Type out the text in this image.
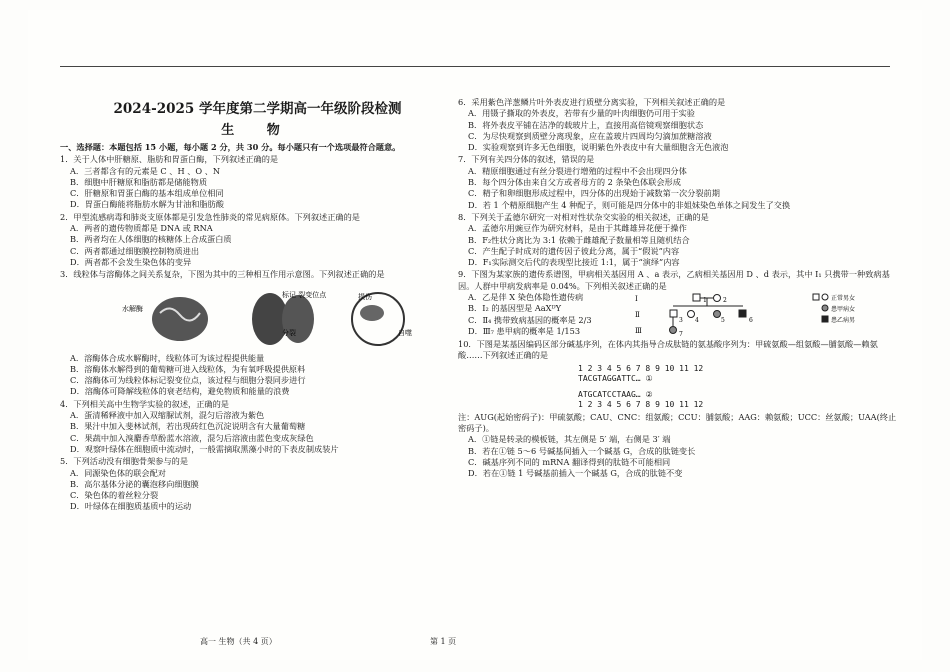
2024-2025 学年度第二学期高一年级阶段检测
生 物
一、选择题：本题包括 15 小题，每小题 2 分，共 30 分。每小题只有一个选项最符合题意。
1．关于人体中肝糖原、脂肪和胃蛋白酶，下列叙述正确的是
A．三者都含有的元素是 C 、H 、O 、N
B．细胞中肝糖原和脂肪都是储能物质
C．肝糖原和胃蛋白酶的基本组成单位相同
D．胃蛋白酶能将脂肪水解为甘油和脂肪酸
2．甲型流感病毒和肺炎支原体都是引发急性肺炎的常见病原体。下列叙述正确的是
A．两者的遗传物质都是 DNA 或 RNA
B．两者均在人体细胞的核糖体上合成蛋白质
C．两者都通过细胞膜控制物质进出
D．两者都不会发生染色体的变异
3．线粒体与溶酶体之间关系复杂，下图为其中的三种相互作用示意图。下列叙述正确的是
水解酶
标记 裂变位点
分裂
损伤
自噬
A．溶酶体合成水解酶时，线粒体可为该过程提供能量
B．溶酶体水解得到的葡萄糖可进入线粒体，为有氧呼吸提供原料
C．溶酶体可为线粒体标记裂变位点，该过程与细胞分裂同步进行
D．溶酶体可降解线粒体的衰老结构，避免物质和能量的浪费
4．下列相关高中生物学实验的叙述，正确的是
A．蛋清稀释液中加入双缩脲试剂，混匀后溶液为紫色
B．果汁中加入斐林试剂，若出现砖红色沉淀说明含有大量葡萄糖
C．果蔬中加入溴麝香草酚蓝水溶液，混匀后溶液由蓝色变成灰绿色
D．观察叶绿体在细胞质中流动时，一般需摘取黑藻小时的下表皮制成装片
5．下列活动没有细胞骨架参与的是
A．同源染色体的联会配对
B．高尔基体分泌的囊泡移向细胞膜
C．染色体的着丝粒分裂
D．叶绿体在细胞质基质中的运动
6．采用紫色洋葱鳞片叶外表皮进行质壁分离实验，下列相关叙述正确的是
A．用镊子撕取的外表皮，若带有少量的叶肉细胞仍可用于实验
B．将外表皮平铺在洁净的载玻片上，直接用高倍镜观察细胞状态
C．为尽快观察到质壁分离现象，应在盖玻片四周均匀滴加蔗糖溶液
D．实验观察到许多无色细胞，说明紫色外表皮中有大量细胞含无色液泡
7．下列有关四分体的叙述，错误的是
A．精原细胞通过有丝分裂进行增殖的过程中不会出现四分体
B．每个四分体由来自父方或者母方的 2 条染色体联会形成
C．精子和卵细胞形成过程中，四分体的出现始于减数第一次分裂前期
D．若 1 个精原细胞产生 4 种配子，则可能是四分体中的非姐妹染色单体之间发生了交换
8．下列关于孟德尔研究一对相对性状杂交实验的相关叙述，正确的是
A．孟德尔用豌豆作为研究材料，是由于其雌雄异花便于操作
B．F₂性状分离比为 3:1 依赖于雌雄配子数量相等且随机结合
C．产生配子时成对的遗传因子彼此分离，属于“假说”内容
D．F₁实际测交后代的表现型比接近 1:1，属于“演绎”内容
9．下图为某家族的遗传系谱图，甲病相关基因用 A 、a 表示，乙病相关基因用 D 、d 表示，其中 Ⅰ₁ 只携带一种致病基因。人群中甲病发病率是 0.04%。下列相关叙述正确的是
A．乙是伴 X 染色体隐性遗传病
B．Ⅰ₂ 的基因型是 AaXᴰY
C．Ⅱ₄ 携带致病基因的概率是 2/3
D．Ⅲ₇ 患甲病的概率是 1/153
Ⅰ
Ⅱ
Ⅲ
1	2
3 4	5	6
7
正常男女
患甲病女
患乙病男
10．下图是某基因编码区部分碱基序列，在体内其指导合成肽链的氨基酸序列为：甲硫氨酸—组氨酸—脯氨酸—赖氨酸……下列叙述正确的是
1 2 3 4 5 6 7 8 9 10 11 12
TACGTAGGATTC… ①
ATGCATCCTAAG… ②
1 2 3 4 5 6 7 8 9 10 11 12
注：AUG(起始密码子)：甲硫氨酸；CAU、CNC：组氨酸；CCU：脯氨酸；AAG：赖氨酸；UCC：丝氨酸；UAA(终止密码子)。
A．①链是转录的模板链，其左侧是 5′ 端，右侧是 3′ 端
B．若在①链 5～6 号碱基间插入一个碱基 G，合成的肽链变长
C．碱基序列不同的 mRNA 翻译得到的肽链不可能相同
D．若在①链 1 号碱基前插入一个碱基 G，合成的肽链不变
高一 生物（共 4 页）	第 1 页
